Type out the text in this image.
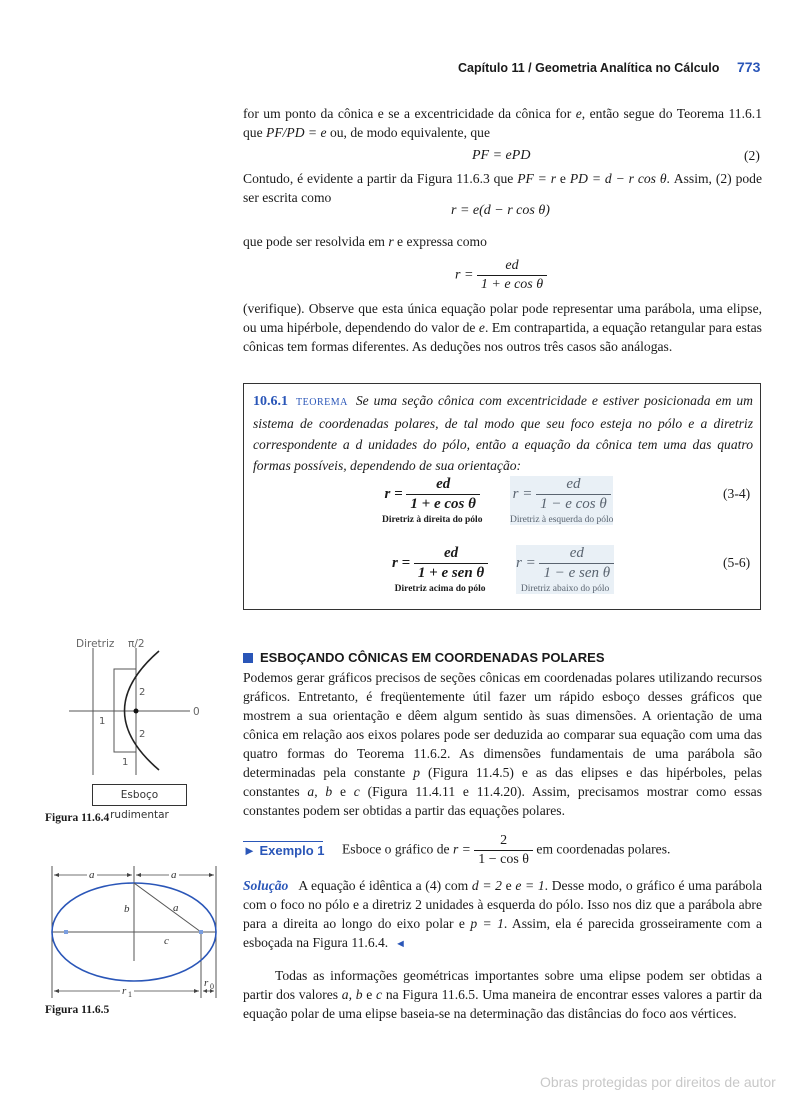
Capítulo 11 / Geometria Analítica no Cálculo 773
for um ponto da cônica e se a excentricidade da cônica for e, então segue do Teorema 11.6.1 que PF/PD = e ou, de modo equivalente, que
PF = ePD	(2)
Contudo, é evidente a partir da Figura 11.6.3 que PF = r e PD = d − r cos θ. Assim, (2) pode ser escrita como
r = e(d − r cos θ)
que pode ser resolvida em r e expressa como
$r = \frac{ed}{\text{1 + e cos θ}}$
(verifique). Observe que esta única equação polar pode representar uma parábola, uma elipse, ou uma hipérbole, dependendo do valor de e. Em contrapartida, a equação retangular para estas cônicas tem formas diferentes. As deduções nos outros três casos são análogas.
10.6.1 TEOREMA Se uma seção cônica com excentricidade e estiver posicionada em um sistema de coordenadas polares, de tal modo que seu foco esteja no pólo e a diretriz correspondente a d unidades do pólo, então a equação da cônica tem uma das quatro formas possíveis, dependendo de sua orientação:
$r = \frac{ed}{\text{1 + e cos θ}}$
Diretriz à direita do pólo
$r = \frac{ed}{\text{1 − e cos θ}}$
Diretriz à esquerda do pólo
(3-4)
$r = \frac{ed}{\text{1 + e sen θ}}$
Diretriz acima do pólo
$r = \frac{ed}{\text{1 − e sen θ}}$
Diretriz abaixo do pólo
(5-6)
Diretriz π/2
0
2
2
1
1
Esboço rudimentar
Figura 11.6.4
ESBOÇANDO CÔNICAS EM COORDENADAS POLARES
Podemos gerar gráficos precisos de seções cônicas em coordenadas polares utilizando recursos gráficos. Entretanto, é freqüentemente útil fazer um rápido esboço desses gráficos que mostrem a sua orientação e dêem algum sentido às suas dimensões. A orientação de uma cônica em relação aos eixos polares pode ser deduzida ao comparar sua equação com uma das quatro formas do Teorema 11.6.2. As dimensões fundamentais de uma parábola são determinadas pela constante p (Figura 11.4.5) e as das elipses e das hipérboles, pelas constantes a, b e c (Figura 11.4.11 e 11.4.20). Assim, precisamos mostrar como essas constantes podem ser obtidas a partir das equações polares.
► Exemplo 1 Esboce o gráfico de $r = \frac{2}{\text{1 − cos θ}}$ em coordenadas polares.
Solução A equação é idêntica a (4) com d = 2 e e = 1. Desse modo, o gráfico é uma parábola com o foco no pólo e a diretriz 2 unidades à esquerda do pólo. Isso nos diz que a parábola abre para a direita ao longo do eixo polar e p = 1. Assim, ela é parecida grosseiramente com a esboçada na Figura 11.6.4. ◄
Todas as informações geométricas importantes sobre uma elipse podem ser obtidas a partir dos valores a, b e c na Figura 11.6.5. Uma maneira de encontrar esses valores a partir da equação polar de uma elipse baseia-se na determinação das distâncias do foco aos vértices.
a	a
a
b
c
r 1
r 0
Figura 11.6.5
Obras protegidas por direitos de autor
